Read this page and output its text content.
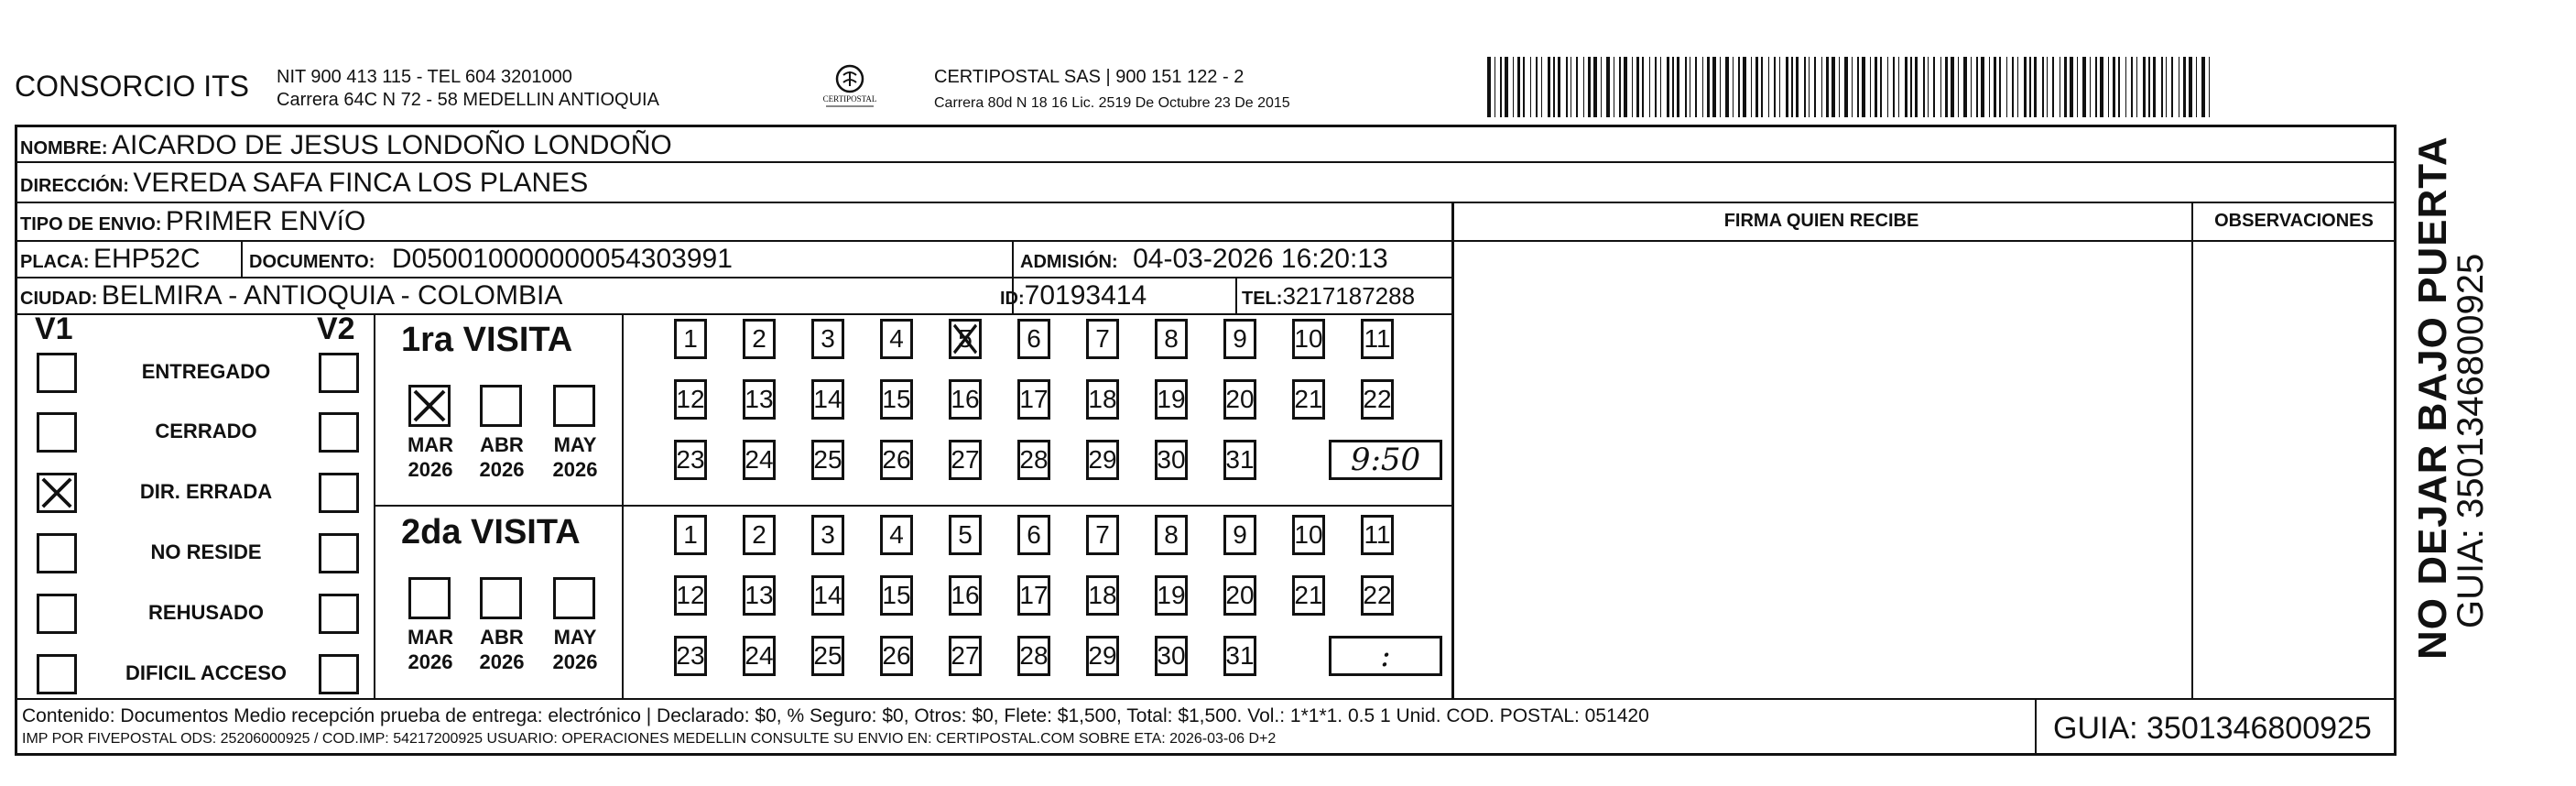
CONSORCIO ITS NIT 900 413 115 - TEL 604 3201000
Carrera 64C N 72 - 58 MEDELLIN ANTIOQUIA	CERTIPOSTAL
CERTIPOSTAL SAS | 900 151 122 - 2
Carrera 80d N 18 16 Lic. 2519 De Octubre 23 De 2015
NOMBRE: AICARDO DE JESUS LONDOÑO LONDOÑO
DIRECCIÓN: VEREDA SAFA FINCA LOS PLANES
TIPO DE ENVIO: PRIMER ENVíO
PLACA: EHP52C	DOCUMENTO: D050010000000054303991	ADMISIÓN: 04-03-2026 16:20:13
CIUDAD: BELMIRA - ANTIOQUIA - COLOMBIA	ID:70193414	TEL:3217187288
FIRMA QUIEN RECIBE	OBSERVACIONES
V1	V2
ENTREGADO
CERRADO
DIR. ERRADA
NO RESIDE
REHUSADO
DIFICIL ACCESO
1ra VISITA
MAR
2026
ABR
2026
MAY
2026
1 2 3 4 5 6 7 8 9 10 11
12 13 14 15 16 17 18 19 20 21 22
23 24 25 26 27 28 29 30 31	9:50
2da VISITA
MAR
2026
ABR
2026
MAY
2026
1 2 3 4 5 6 7 8 9 10 11
12 13 14 15 16 17 18 19 20 21 22
23 24 25 26 27 28 29 30 31	:	NO DEJAR BAJO PUERTA
GUIA: 3501346800925
Contenido: Documentos Medio recepción prueba de entrega: electrónico | Declarado: $0, % Seguro: $0, Otros: $0, Flete: $1,500, Total: $1,500. Vol.: 1*1*1. 0.5 1 Unid. COD. POSTAL: 051420
IMP POR FIVEPOSTAL ODS: 25206000925 / COD.IMP: 54217200925 USUARIO: OPERACIONES MEDELLIN CONSULTE SU ENVIO EN: CERTIPOSTAL.COM SOBRE ETA: 2026-03-06 D+2	GUIA: 3501346800925
